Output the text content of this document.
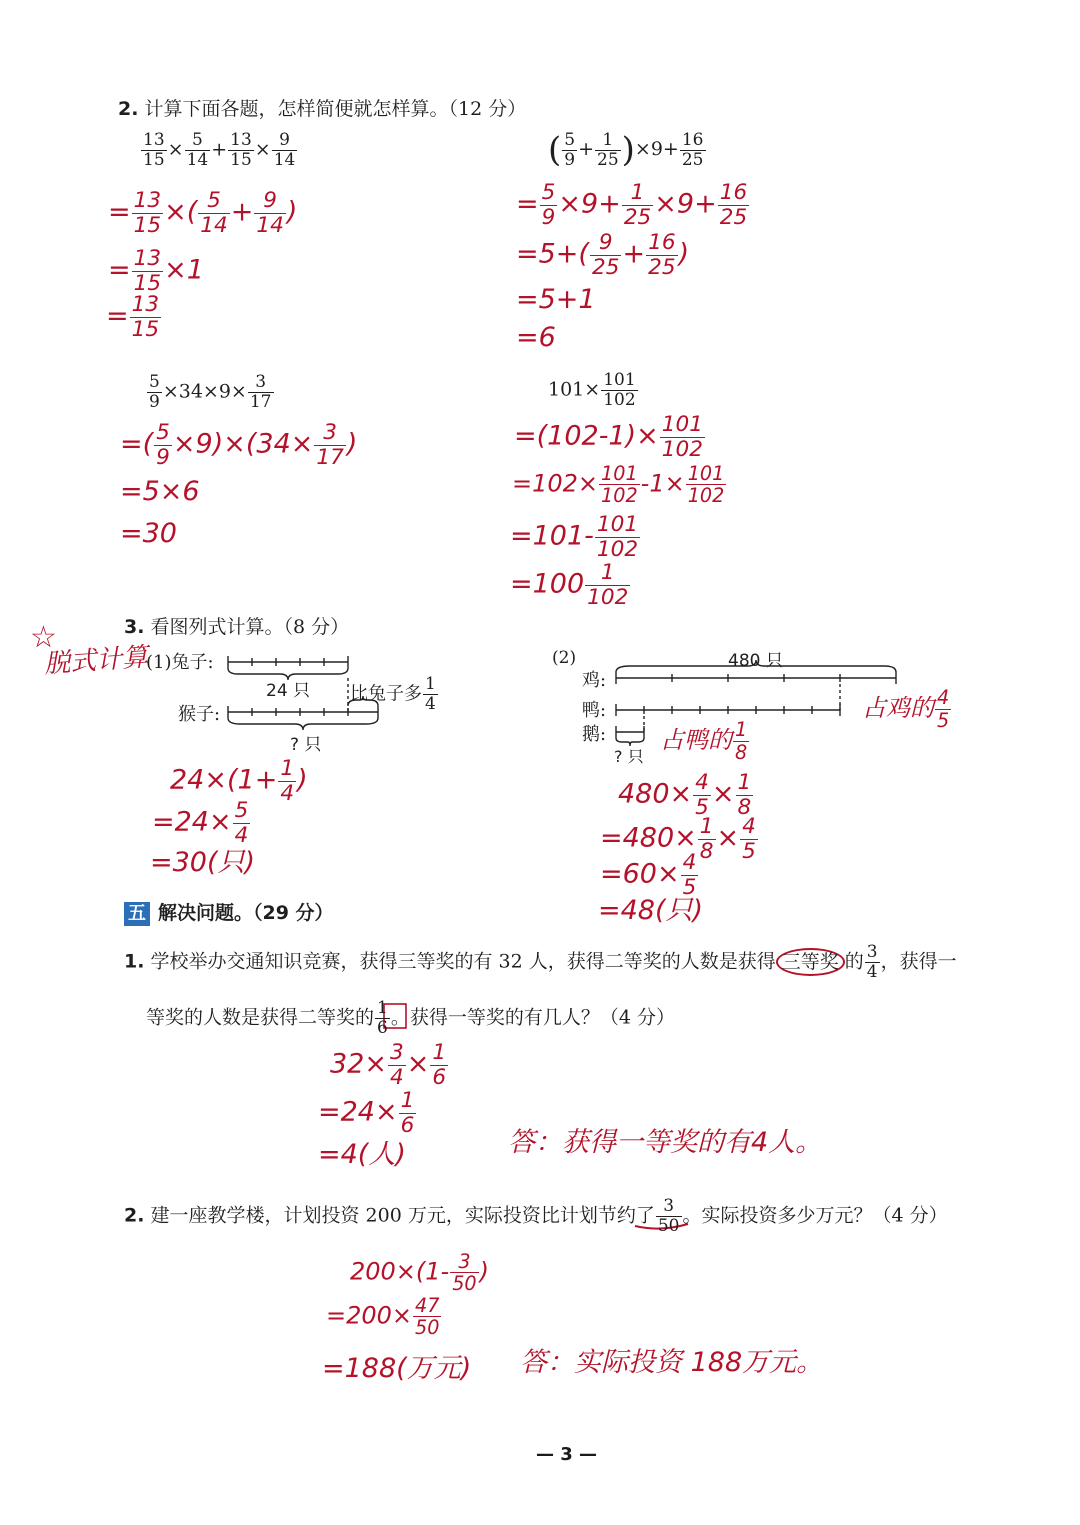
2. 计算下面各题，怎样简便就怎样算。（12 分）
$\frac{13}{15} \times \frac{5}{14} + \frac{13}{15} \times \frac{9}{14}$
= $\frac{13}{15}$ ×( $\frac{5}{14} + \frac{9}{14}$ )
= $\frac{13}{15} \times 1$
= $\frac{13}{15}$
( $\frac{5}{9} + \frac{1}{25} )\times 9+ \frac{16}{25}$
= $\frac{5}{9} \times 9+ \frac{1}{25} \times 9+ \frac{16}{25}$
$=5+( \frac{9}{25} + \frac{16}{25}$ )
=5+1
=6
$\frac{5}{9} \times 34\times 9\times \frac{3}{17}$
=( $\frac{5}{9} \times 9)\times(34\times \frac{3}{17}$ )
=5×6
=30
$101\times \frac{101}{102}$
$=(102-1)\times \frac{101}{102}$
$=102\times \frac{101}{102} -1\times \frac{101}{102}$
$=101- \frac{101}{102}$
$=100 \frac{1}{102}$
3. 看图列式计算。（8 分）
☆
脱式计算
(1)兔子:
24 只 比兔子多 $\frac{1}{4}$
猴子:
? 只
(2)	480 只
鸡:
鸭:
鹅:
? 只
占鸡的 $\frac{4}{5}$
占鸭的 $\frac{1}{8}$
$24\times(1+ \frac{1}{4}$ )
$=24\times \frac{5}{4}$
=30(只)
$480\times \frac{4}{5} \times \frac{1}{8}$
$=480\times \frac{1}{8} \times \frac{4}{5}$
$=60\times \frac{4}{5}$
=48(只)
五 解决问题。（29 分）
1. 学校举办交通知识竞赛，获得三等奖的有 32 人，获得二等奖的人数是获得 三等奖 的 $\frac{3}{4}$ ，获得一
等奖的人数是获得二等奖的 $\frac{1}{6}$ 。获得一等奖的有几人？（4 分）
$32\times \frac{3}{4} \times \frac{1}{6}$
$=24\times \frac{1}{6}$
=4(人)	答：获得一等奖的有4人。
2. 建一座教学楼，计划投资 200 万元，实际投资比计划节约了 $\frac{3}{50}$ 。实际投资多少万元？（4 分）
$200\times(1- \frac{3}{50}$ )
$=200\times \frac{47}{50}$
=188(万元) 答：实际投资 188万元。
— 3 —
